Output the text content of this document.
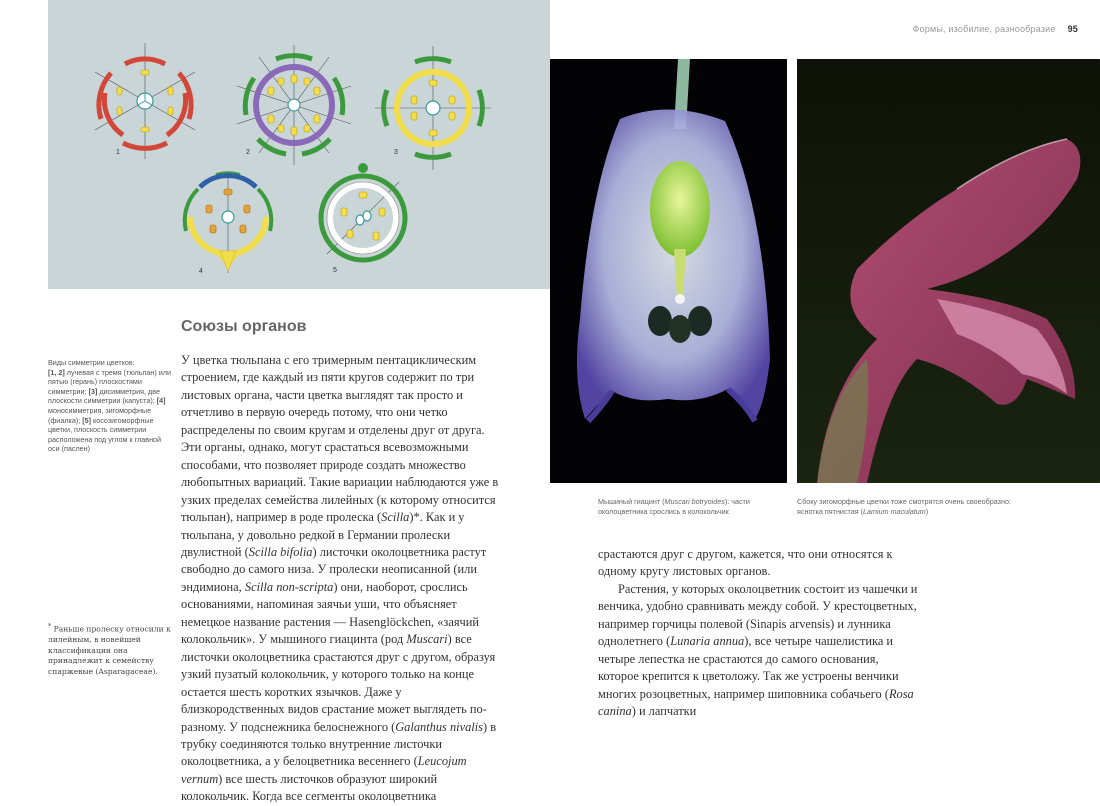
Формы, изобилие, разнообразие 95
1	2	3
4	5
Союзы органов
Виды симметрии цветков:
[1, 2] лучевая с тремя (тюльпан) или пятью (герань) плоскостями симметрии; [3] дисимметрия, две плоскости симметрии (капуста); [4] моносимметрия, зигоморфные (фиалка); [5] косозигоморфные цветки, плоскость симметрии расположена под углом к главной оси (паслен)
* Раньше пролеску относили к лилейным, в новейшей классификации она принадлежит к семейству спаржевые (Asparagaceae).

У цветка тюльпана с его тримерным пентациклическим строением, где каждый из пяти кругов содержит по три листовых органа, части цветка выглядят так просто и отчетливо в первую очередь потому, что они четко распределены по своим кругам и отделены друг от друга. Эти органы, однако, могут срастаться всевозможными способами, что позволяет природе создать множество любопытных вариаций. Такие вариации наблюдаются уже в узких пределах семейства лилейных (к которому относится тюльпан), например в роде пролеска (Scilla)*. Как и у тюльпана, у довольно редкой в Германии пролески двулистной (Scilla bifolia) листочки околоцветника растут свободно до самого низа. У пролески неописанной (или эндимиона, Scilla non-scripta) они, наоборот, срослись основаниями, напоминая заячьи уши, что объясняет немецкое название растения — Hasenglöckchen, «заячий колокольчик». У мышиного гиацинта (род Muscari) все листочки околоцветника срастаются друг с другом, образуя узкий пузатый колокольчик, у которого только на конце остается шесть коротких язычков. Даже у близкородственных видов срастание может выглядеть по-разному. У подснежника белоснежного (Galanthus nivalis) в трубку соединяются только внутренние листочки околоцветника, а у белоцветника весеннего (Leucojum vernum) все шесть листочков образуют широкий колокольчик. Когда все сегменты околоцветника

Мышиный гиацинт (Muscari botryoides): части околоцветника срослись в колокольчик
Сбоку зигоморфные цветки тоже смотрятся очень своеобразно: яснотка пятнистая (Lamium maculatum)

срастаются друг с другом, кажется, что они относятся к одному кругу листовых органов.

Растения, у которых околоцветник состоит из чашечки и венчика, удобно сравнивать между собой. У крестоцветных, например горчицы полевой (Sinapis arvensis) и лунника однолетнего (Lunaria annua), все четыре чашелистика и четыре лепестка не срастаются до самого основания, которое крепится к цветоложу. Так же устроены венчики многих розоцветных, например шиповника собачьего (Rosa canina) и лапчатки
